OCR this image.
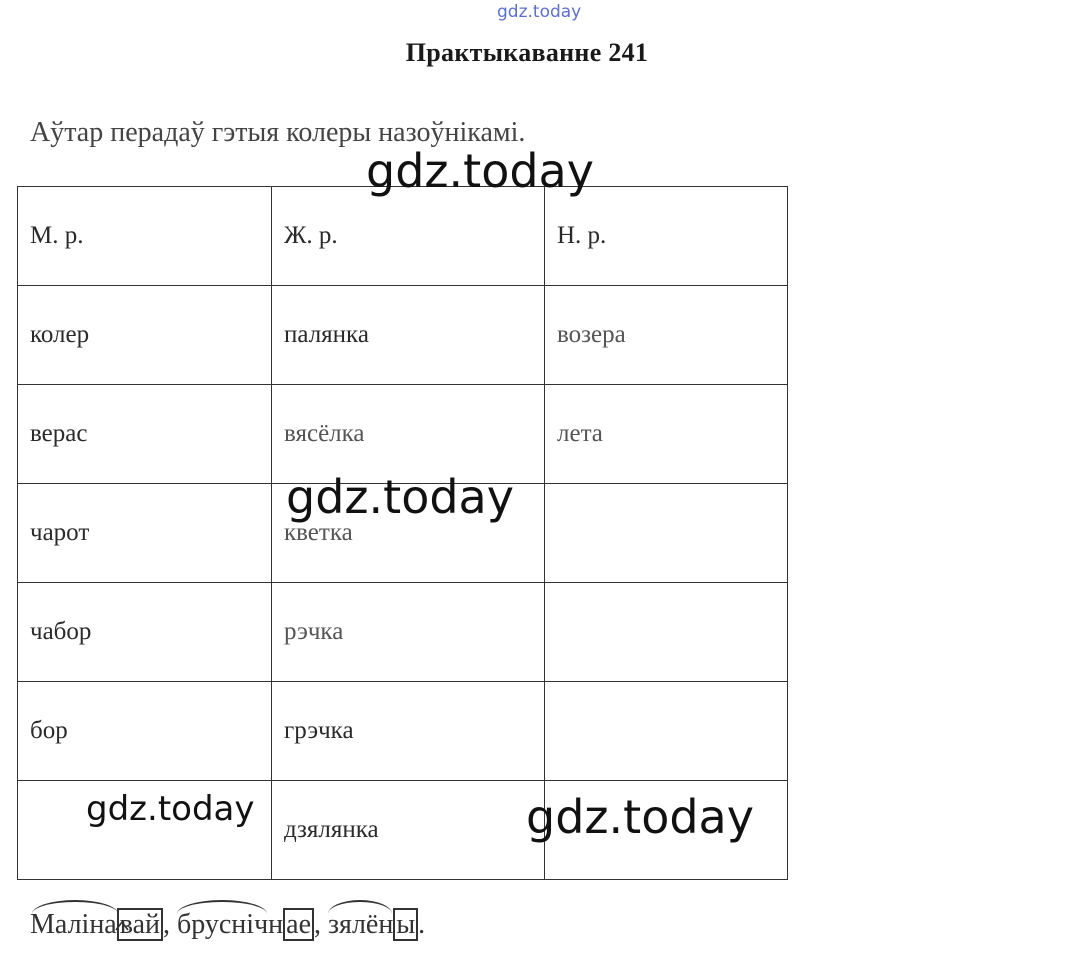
gdz.today
Практыкаванне 241
Аўтар перадаў гэтыя колеры назоўнікамі.
М. р.	Ж. р.	Н. р.
колер	палянка	возера
верас	вясёлка	лета
чарот	кветка	
чабор	рэчка	
бор	грэчка	
	дзялянка	
Маліна вай ,
бруснічн ае ,
зялён ы .
gdz.today
gdz.today
gdz.today	gdz.today
